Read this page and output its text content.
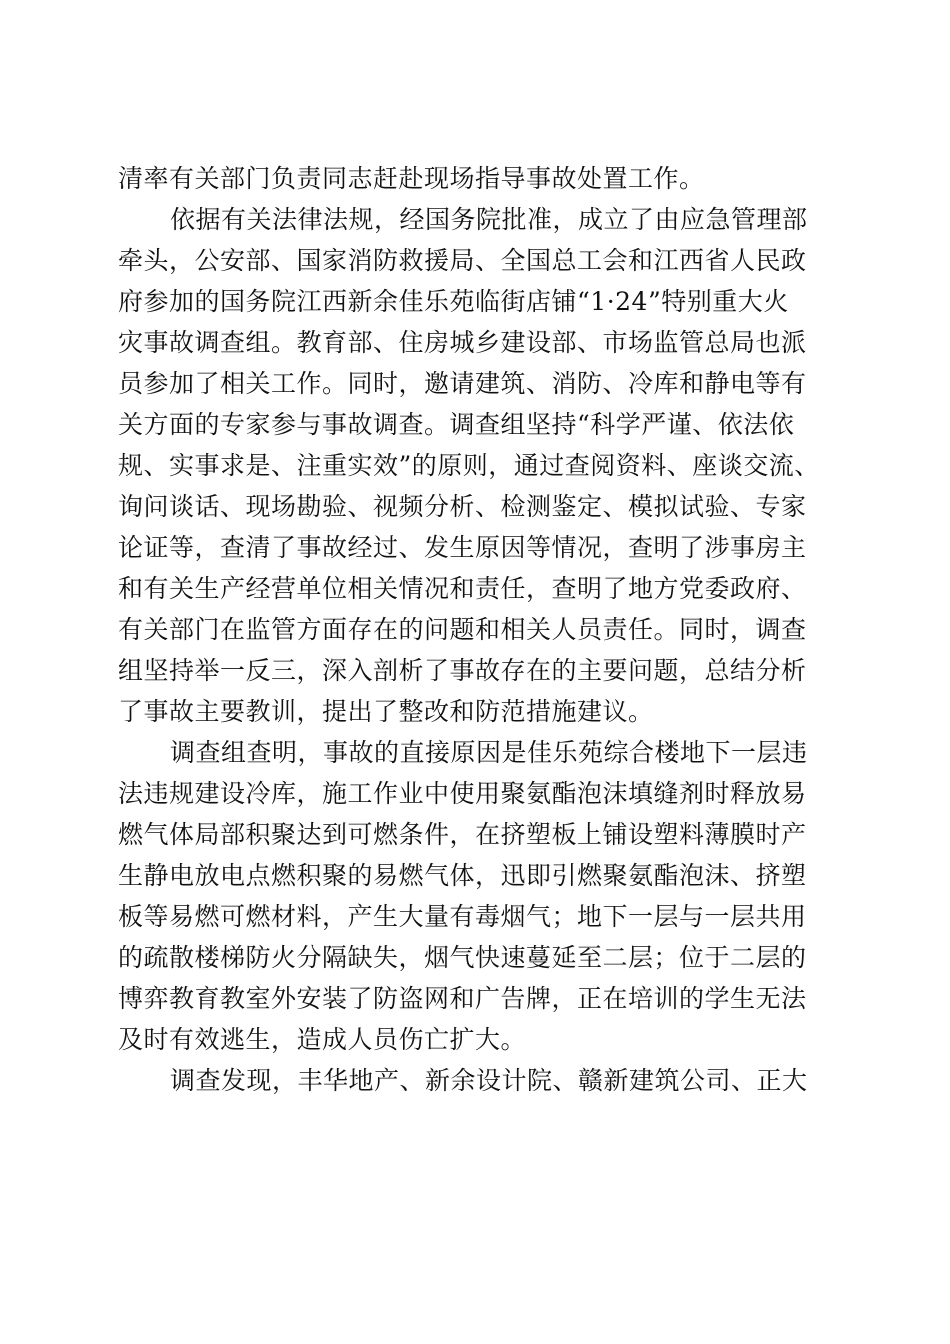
清率有关部门负责同志赶赴现场指导事故处置工作。
依据有关法律法规，经国务院批准，成立了由应急管理部
牵头，公安部、国家消防救援局、全国总工会和江西省人民政
府参加的国务院江西新余佳乐苑临街店铺“1·24”特别重大火
灾事故调查组。教育部、住房城乡建设部、市场监管总局也派
员参加了相关工作。同时，邀请建筑、消防、冷库和静电等有
关方面的专家参与事故调查。调查组坚持“科学严谨、依法依
规、实事求是、注重实效”的原则，通过查阅资料、座谈交流、
询问谈话、现场勘验、视频分析、检测鉴定、模拟试验、专家
论证等，查清了事故经过、发生原因等情况，查明了涉事房主
和有关生产经营单位相关情况和责任，查明了地方党委政府、
有关部门在监管方面存在的问题和相关人员责任。同时，调查
组坚持举一反三，深入剖析了事故存在的主要问题，总结分析
了事故主要教训，提出了整改和防范措施建议。
调查组查明，事故的直接原因是佳乐苑综合楼地下一层违
法违规建设冷库，施工作业中使用聚氨酯泡沫填缝剂时释放易
燃气体局部积聚达到可燃条件，在挤塑板上铺设塑料薄膜时产
生静电放电点燃积聚的易燃气体，迅即引燃聚氨酯泡沫、挤塑
板等易燃可燃材料，产生大量有毒烟气；地下一层与一层共用
的疏散楼梯防火分隔缺失，烟气快速蔓延至二层；位于二层的
博弈教育教室外安装了防盗网和广告牌，正在培训的学生无法
及时有效逃生，造成人员伤亡扩大。
调查发现，丰华地产、新余设计院、赣新建筑公司、正大
